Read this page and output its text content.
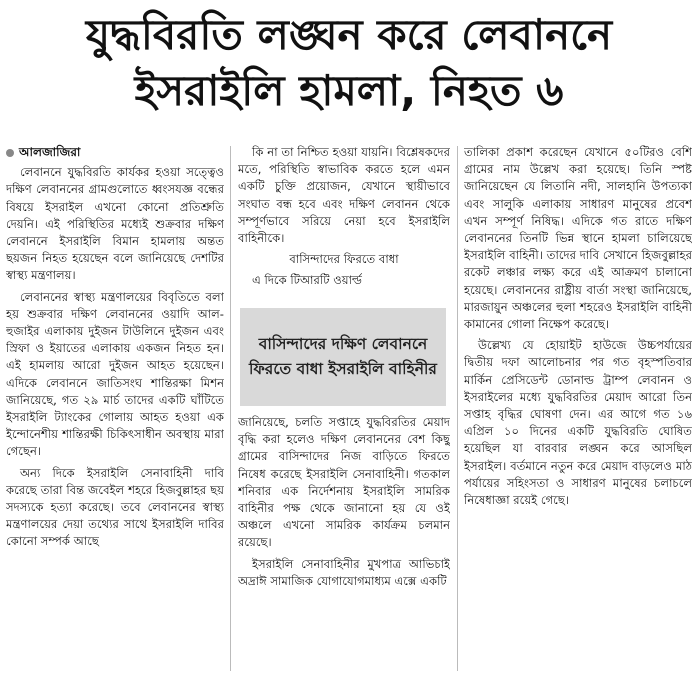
যুদ্ধবিরতি লঙ্ঘন করে লেবাননে
ইসরাইলি হামলা, নিহত ৬
আলজাজিরা

লেবাননে যুদ্ধবিরতি কার্যকর হওয়া সত্ত্বেও দক্ষিণ লেবাননের গ্রামগুলোতে ধ্বংসযজ্ঞ বন্ধের বিষয়ে ইসরাইল এখনো কোনো প্রতিশ্রুতি দেয়নি। এই পরিস্থিতির মধ্যেই শুক্রবার দক্ষিণ লেবাননে ইসরাইলি বিমান হামলায় অন্তত ছয়জন নিহত হয়েছেন বলে জানিয়েছে দেশটির স্বাস্থ্য মন্ত্রণালয়।

লেবাননের স্বাস্থ্য মন্ত্রণালয়ের বিবৃতিতে বলা হয় শুক্রবার দক্ষিণ লেবাননের ওয়াদি আল-হুজাইর এলাকায় দুইজন টাউলিনে দুইজন এবং স্রিফা ও ইয়াতের এলাকায় একজন নিহত হন। এই হামলায় আরো দুইজন আহত হয়েছেন। এদিকে লেবাননে জাতিসংঘ শান্তিরক্ষা মিশন জানিয়েছে, গত ২৯ মার্চ তাদের একটি ঘাঁটিতে ইসরাইলি ট্যাংকের গোলায় আহত হওয়া এক ইন্দোনেশীয় শান্তিরক্ষী চিকিৎসাধীন অবস্থায় মারা গেছেন।

অন্য দিকে ইসরাইলি সেনাবাহিনী দাবি করেছে তারা বিন্ত জবেইল শহরে হিজবুল্লাহর ছয় সদস্যকে হত্যা করেছে। তবে লেবাননের স্বাস্থ্য মন্ত্রণালয়ের দেয়া তথ্যের সাথে ইসরাইলি দাবির কোনো সম্পর্ক আছে

কি না তা নিশ্চিত হওয়া যায়নি। বিশ্লেষকদের মতে, পরিস্থিতি স্বাভাবিক করতে হলে এমন একটি চুক্তি প্রয়োজন, যেখানে স্থায়ীভাবে সংঘাত বন্ধ হবে এবং দক্ষিণ লেবানন থেকে সম্পূর্ণভাবে সরিয়ে নেয়া হবে ইসরাইলি বাহিনীকে।

বাসিন্দাদের ফিরতে বাধা

এ দিকে টিআরটি ওয়ার্ল্ড

বাসিন্দাদের দক্ষিণ লেবাননে ফিরতে বাধা ইসরাইলি বাহিনীর

জানিয়েছে, চলতি সপ্তাহে যুদ্ধবিরতির মেয়াদ বৃদ্ধি করা হলেও দক্ষিণ লেবাননের বেশ কিছু গ্রামের বাসিন্দাদের নিজ বাড়িতে ফিরতে নিষেধ করেছে ইসরাইলি সেনাবাহিনী। গতকাল শনিবার এক নির্দেশনায় ইসরাইলি সামরিক বাহিনীর পক্ষ থেকে জানানো হয় যে ওই অঞ্চলে এখনো সামরিক কার্যক্রম চলমান রয়েছে।

ইসরাইলি সেনাবাহিনীর মুখপাত্র আভিচাই অদ্রাঈ সামাজিক যোগাযোগমাধ্যম এক্সে একটি

তালিকা প্রকাশ করেছেন যেখানে ৫০টিরও বেশি গ্রামের নাম উল্লেখ করা হয়েছে। তিনি স্পষ্ট জানিয়েছেন যে লিতানি নদী, সালহানি উপত্যকা এবং সালুকি এলাকায় সাধারণ মানুষের প্রবেশ এখন সম্পূর্ণ নিষিদ্ধ। এদিকে গত রাতে দক্ষিণ লেবাননের তিনটি ভিন্ন স্থানে হামলা চালিয়েছে ইসরাইলি বাহিনী। তাদের দাবি সেখানে হিজবুল্লাহর রকেট লঞ্চার লক্ষ্য করে এই আক্রমণ চালানো হয়েছে। লেবাননের রাষ্ট্রীয় বার্তা সংস্থা জানিয়েছে, মারজায়ুন অঞ্চলের হুলা শহরেও ইসরাইলি বাহিনী কামানের গোলা নিক্ষেপ করেছে।

উল্লেখ্য যে হোয়াইট হাউজে উচ্চপর্যায়ের দ্বিতীয় দফা আলোচনার পর গত বৃহস্পতিবার মার্কিন প্রেসিডেন্ট ডোনাল্ড ট্রাম্প লেবানন ও ইসরাইলের মধ্যে যুদ্ধবিরতির মেয়াদ আরো তিন সপ্তাহ বৃদ্ধির ঘোষণা দেন। এর আগে গত ১৬ এপ্রিল ১০ দিনের একটি যুদ্ধবিরতি ঘোষিত হয়েছিল যা বারবার লঙ্ঘন করে আসছিল ইসরাইল। বর্তমানে নতুন করে মেয়াদ বাড়লেও মাঠ পর্যায়ের সহিংসতা ও সাধারণ মানুষের চলাচলে নিষেধাজ্ঞা রয়েই গেছে।
